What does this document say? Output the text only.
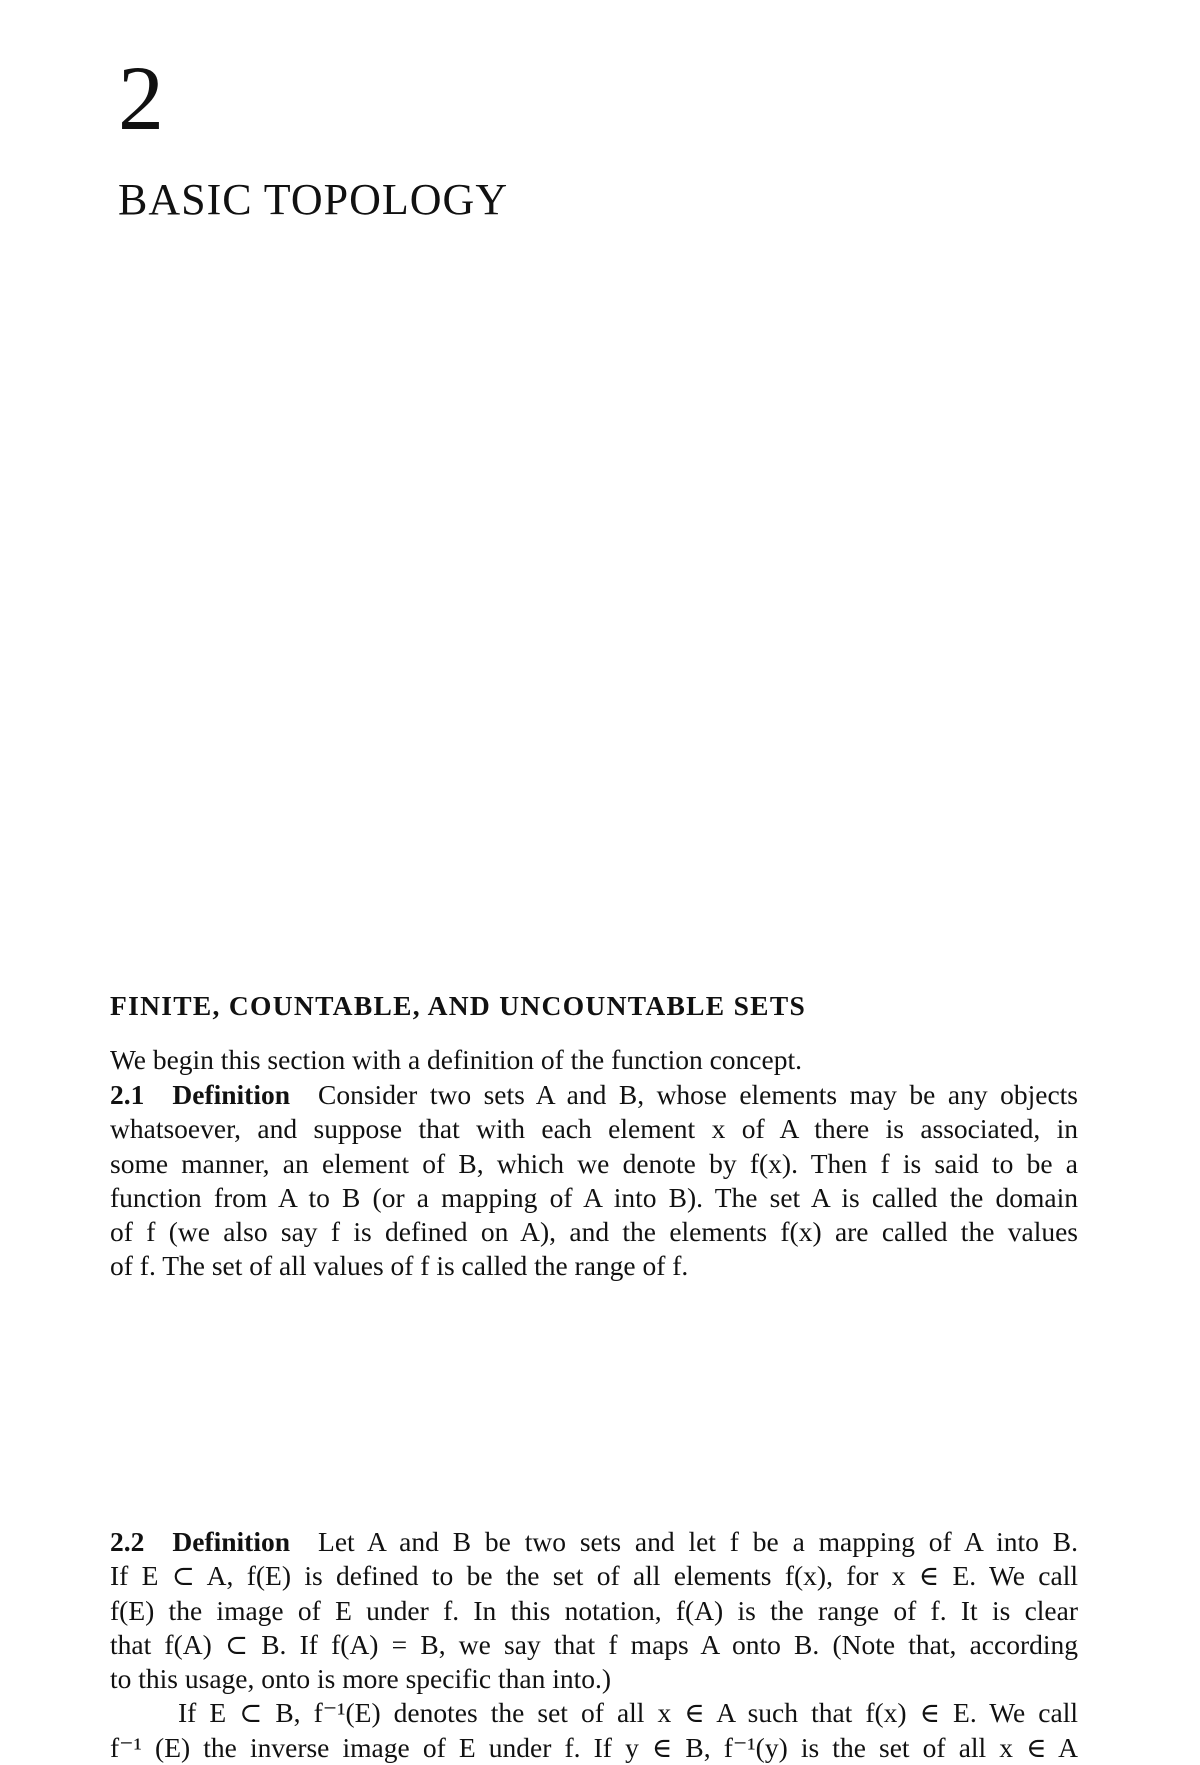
2
BASIC TOPOLOGY
FINITE, COUNTABLE, AND UNCOUNTABLE SETS
We begin this section with a definition of the function concept.
2.1 Definition Consider two sets A and B, whose elements may be any objects
whatsoever, and suppose that with each element x of A there is associated, in
some manner, an element of B, which we denote by f(x). Then f is said to be a
function from A to B (or a mapping of A into B). The set A is called the domain
of f (we also say f is defined on A), and the elements f(x) are called the values
of f. The set of all values of f is called the range of f.
2.2 Definition Let A and B be two sets and let f be a mapping of A into B.
If E ⊂ A, f(E) is defined to be the set of all elements f(x), for x ∈ E. We call
f(E) the image of E under f. In this notation, f(A) is the range of f. It is clear
that f(A) ⊂ B. If f(A) = B, we say that f maps A onto B. (Note that, according
to this usage, onto is more specific than into.)
If E ⊂ B, f⁻¹(E) denotes the set of all x ∈ A such that f(x) ∈ E. We call
f⁻¹ (E) the inverse image of E under f. If y ∈ B, f⁻¹(y) is the set of all x ∈ A
